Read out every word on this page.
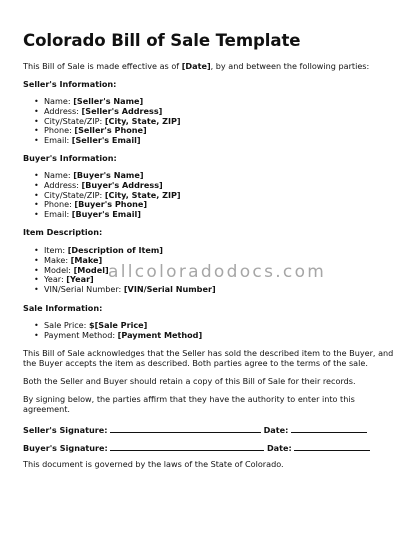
Colorado Bill of Sale Template

This Bill of Sale is made effective as of [Date], by and between the following parties:

Seller's Information:
• Name: [Seller's Name]
• Address: [Seller's Address]
• City/State/ZIP: [City, State, ZIP]
• Phone: [Seller's Phone]
• Email: [Seller's Email]
Buyer's Information:
• Name: [Buyer's Name]
• Address: [Buyer's Address]
• City/State/ZIP: [City, State, ZIP]
• Phone: [Buyer's Phone]
• Email: [Buyer's Email]
Item Description:
• Item: [Description of Item]
• Make: [Make]
• Model: [Model]
• Year: [Year]
• VIN/Serial Number: [VIN/Serial Number]
Sale Information:
• Sale Price: $[Sale Price]
• Payment Method: [Payment Method]

This Bill of Sale acknowledges that the Seller has sold the described item to the Buyer, and the Buyer accepts the item as described. Both parties agree to the terms of the sale.

Both the Seller and Buyer should retain a copy of this Bill of Sale for their records.

By signing below, the parties affirm that they have the authority to enter into this agreement.

Seller's Signature:	Date:
Buyer's Signature:	Date:

This document is governed by the laws of the State of Colorado.

allcoloradodocs.com
